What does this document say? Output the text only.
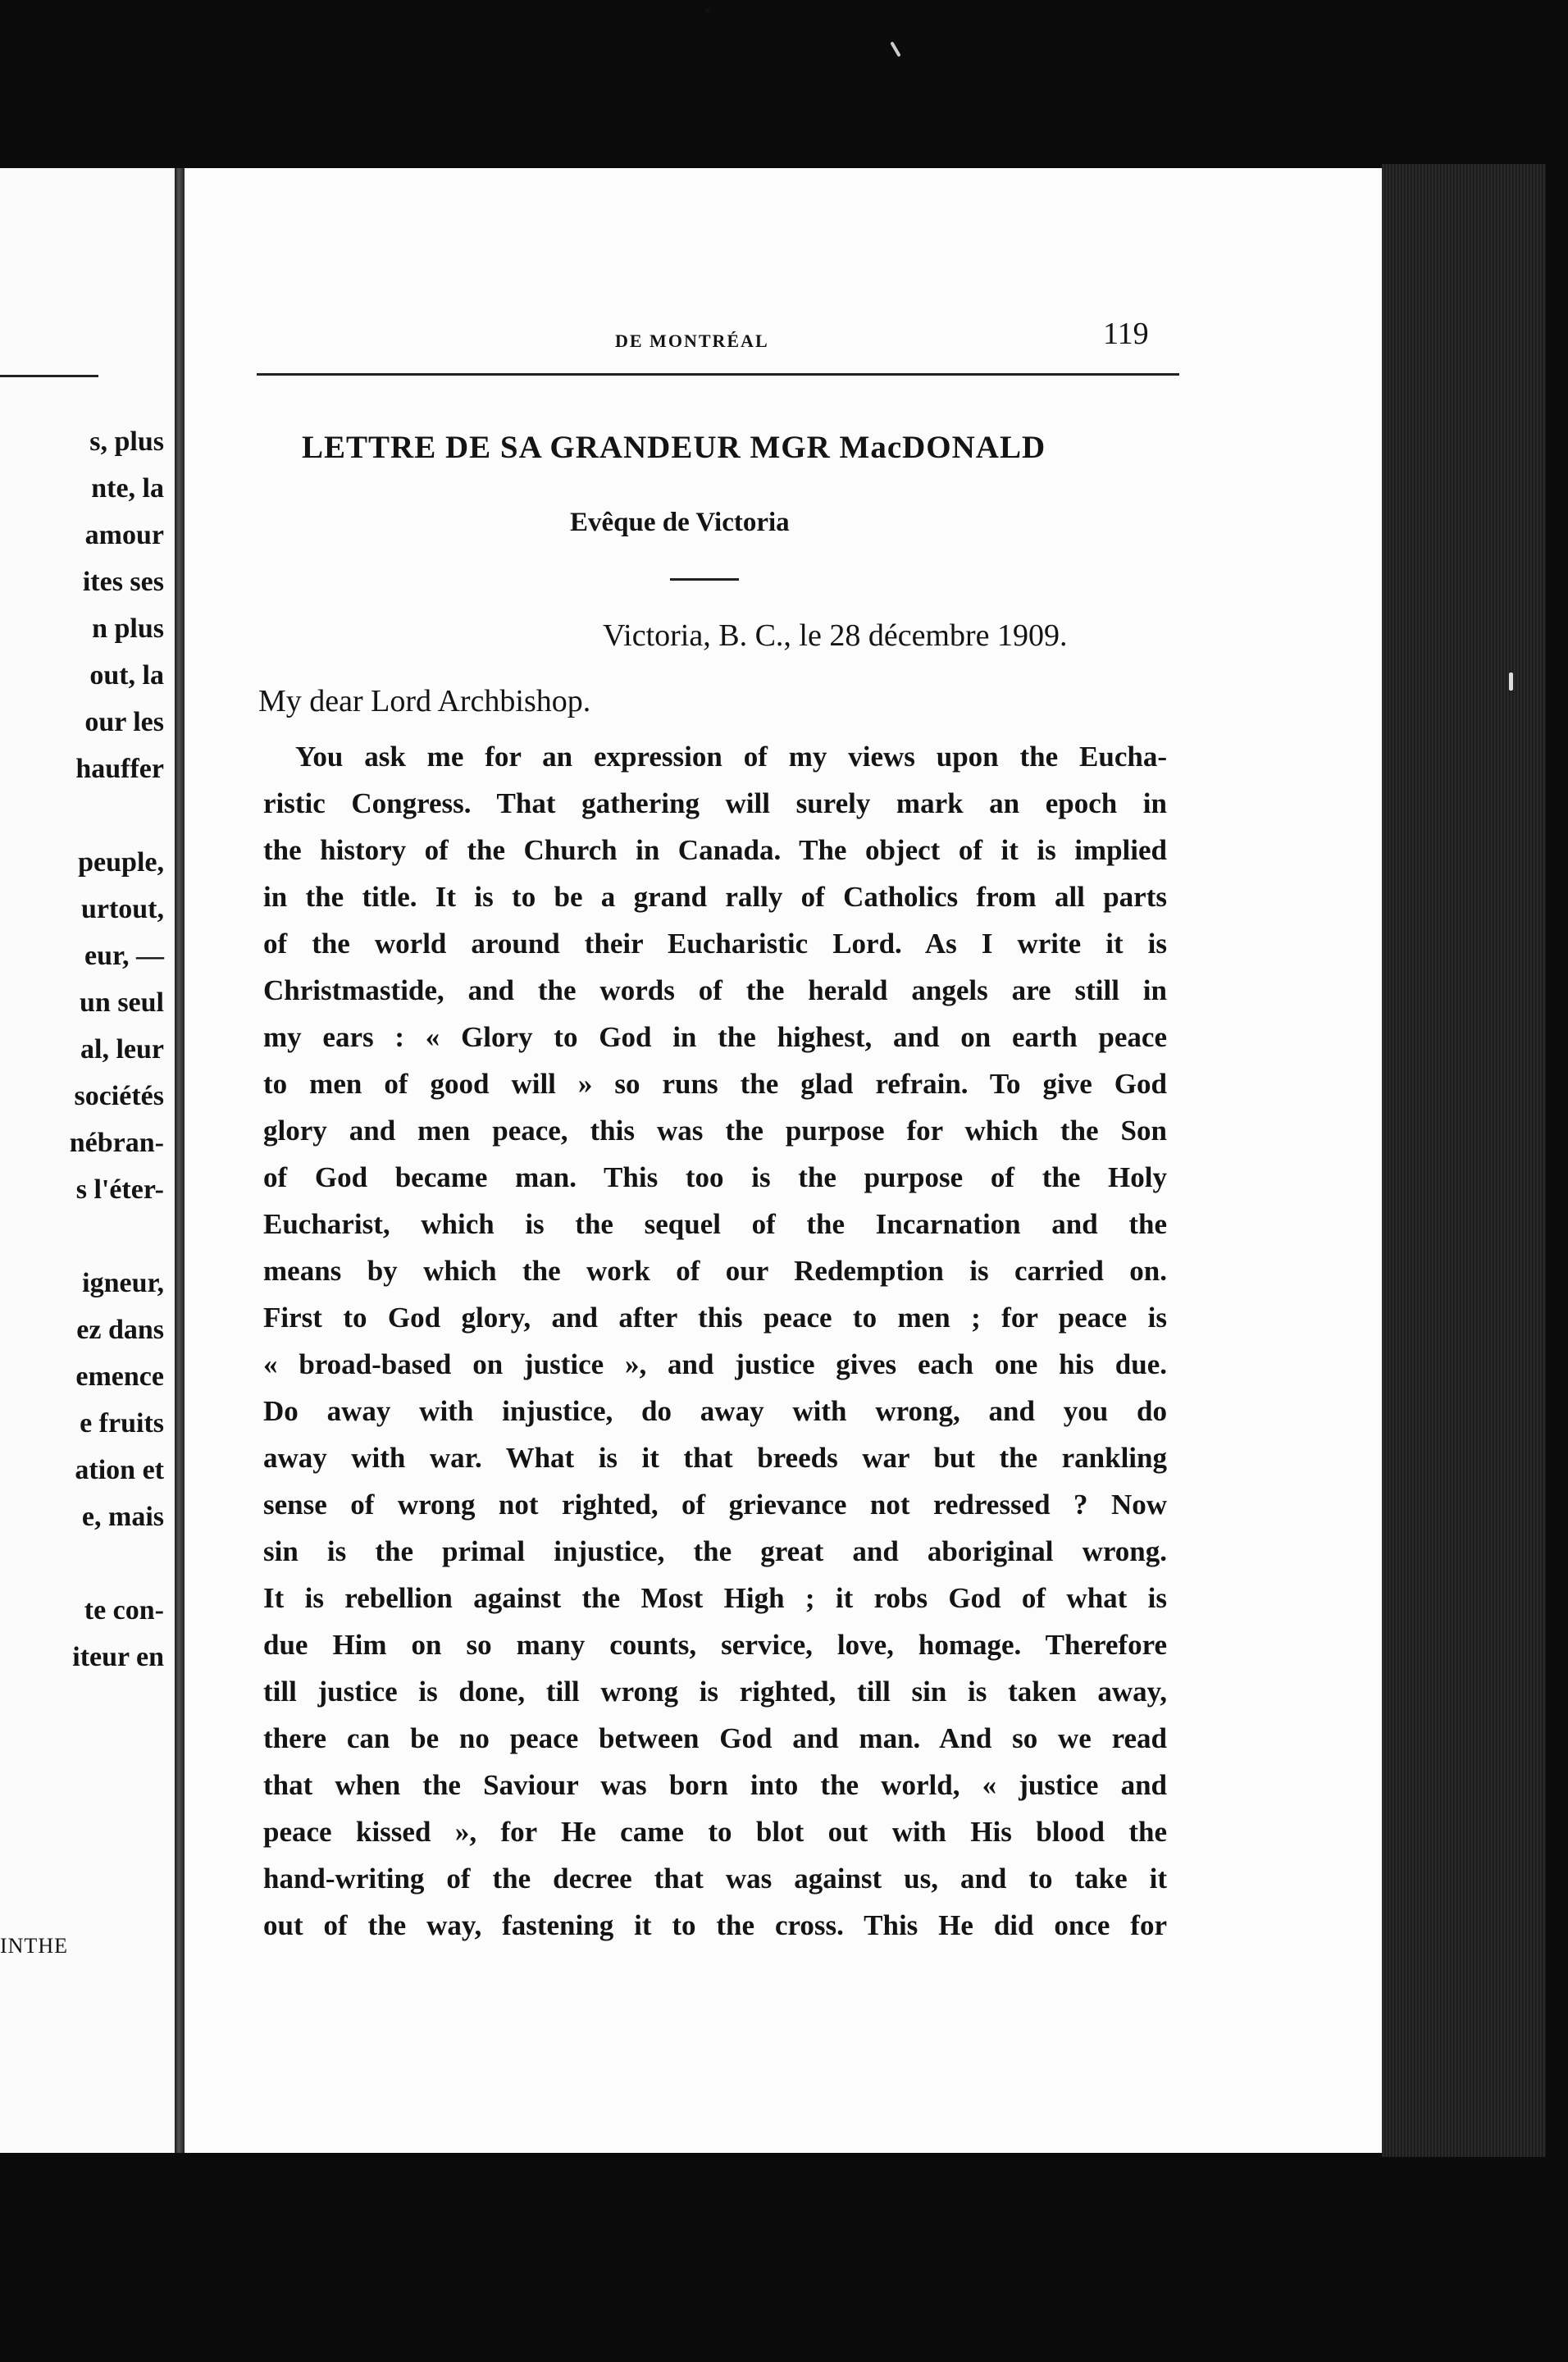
s, plus
nte, la
amour
ites ses
n plus
out, la
our les
hauffer
peuple,
urtout,
eur, —
un seul
al, leur
sociétés
nébran-
s l'éter-
igneur,
ez dans
emence
e fruits
ation et
e, mais
te con-
iteur en
INTHE
DE MONTRÉAL	119
LETTRE DE SA GRANDEUR MGR MacDONALD
Evêque de Victoria
Victoria, B. C., le 28 décembre 1909.
My dear Lord Archbishop.
You ask me for an expression of my views upon the Eucha-
ristic Congress. That gathering will surely mark an epoch in
the history of the Church in Canada. The object of it is implied
in the title. It is to be a grand rally of Catholics from all parts
of the world around their Eucharistic Lord. As I write it is
Christmastide, and the words of the herald angels are still in
my ears : « Glory to God in the highest, and on earth peace
to men of good will » so runs the glad refrain. To give God
glory and men peace, this was the purpose for which the Son
of God became man. This too is the purpose of the Holy
Eucharist, which is the sequel of the Incarnation and the
means by which the work of our Redemption is carried on.
First to God glory, and after this peace to men ; for peace is
« broad-based on justice », and justice gives each one his due.
Do away with injustice, do away with wrong, and you do
away with war. What is it that breeds war but the rankling
sense of wrong not righted, of grievance not redressed ? Now
sin is the primal injustice, the great and aboriginal wrong.
It is rebellion against the Most High ; it robs God of what is
due Him on so many counts, service, love, homage. Therefore
till justice is done, till wrong is righted, till sin is taken away,
there can be no peace between God and man. And so we read
that when the Saviour was born into the world, « justice and
peace kissed », for He came to blot out with His blood the
hand-writing of the decree that was against us, and to take it
out of the way, fastening it to the cross. This He did once for
